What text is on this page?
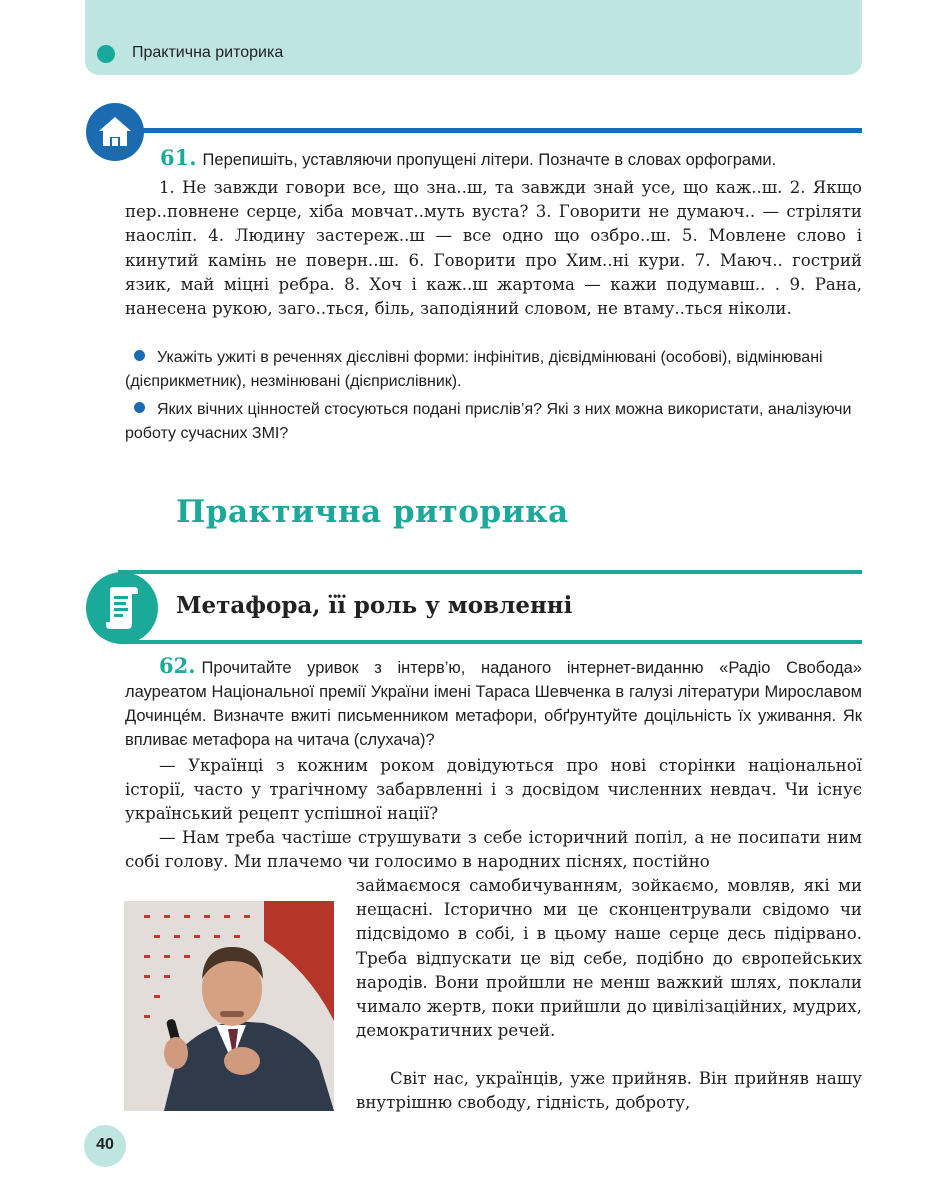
Практична риторика
61. Перепишіть, уставляючи пропущені літери. Позначте в словах орфограми.
1. Не завжди говори все, що зна..ш, та завжди знай усе, що каж..ш. 2. Якщо пер..повнене серце, хіба мовчат..муть вуста? 3. Говорити не думаюч.. — стріляти наосліп. 4. Людину застереж..ш — все одно що озбро..ш. 5. Мовлене слово і кинутий камінь не поверн..ш. 6. Говорити про Хим..ні кури. 7. Маюч.. гострий язик, май міцні ребра. 8. Хоч і каж..ш жартома — кажи подумавш.. . 9. Рана, нанесена рукою, заго..ться, біль, заподіяний словом, не втаму..ться ніколи.
Укажіть ужиті в реченнях дієслівні форми: інфінітив, дієвідмінювані (особові), відмінювані (дієприкметник), незмінювані (дієприслівник).
Яких вічних цінностей стосуються подані прислів’я? Які з них можна використати, аналізуючи роботу сучасних ЗМІ?
Практична риторика
Метафора, її роль у мовленні
62. Прочитайте уривок з інтерв’ю, наданого інтернет-виданню «Радіо Свобода» лауреатом Національної премії України імені Тараса Шевченка в галузі літератури Мирославом Дочинце́м. Визначте вжиті письменником метафори, обґрунтуйте доцільність їх уживання. Як впливає метафора на читача (слухача)?
— Українці з кожним роком довідуються про нові сторінки національної історії, часто у трагічному забарвленні і з досвідом численних невдач. Чи існує український рецепт успішної нації?
— Нам треба частіше струшувати з себе історичний попіл, а не посипати ним собі голову. Ми плачемо чи голосимо в народних піснях, постійно
займаємося самобичуванням, зойкаємо, мовляв, які ми нещасні. Історично ми це сконцентрували свідомо чи підсвідомо в собі, і в цьому наше серце десь підірвано. Треба відпускати це від себе, подібно до європейських народів. Вони пройшли не менш важкий шлях, поклали чимало жертв, поки прийшли до цивілізаційних, мудрих, демократичних речей.
Світ нас, українців, уже прийняв. Він прийняв нашу внутрішню свободу, гідність, доброту,
40
